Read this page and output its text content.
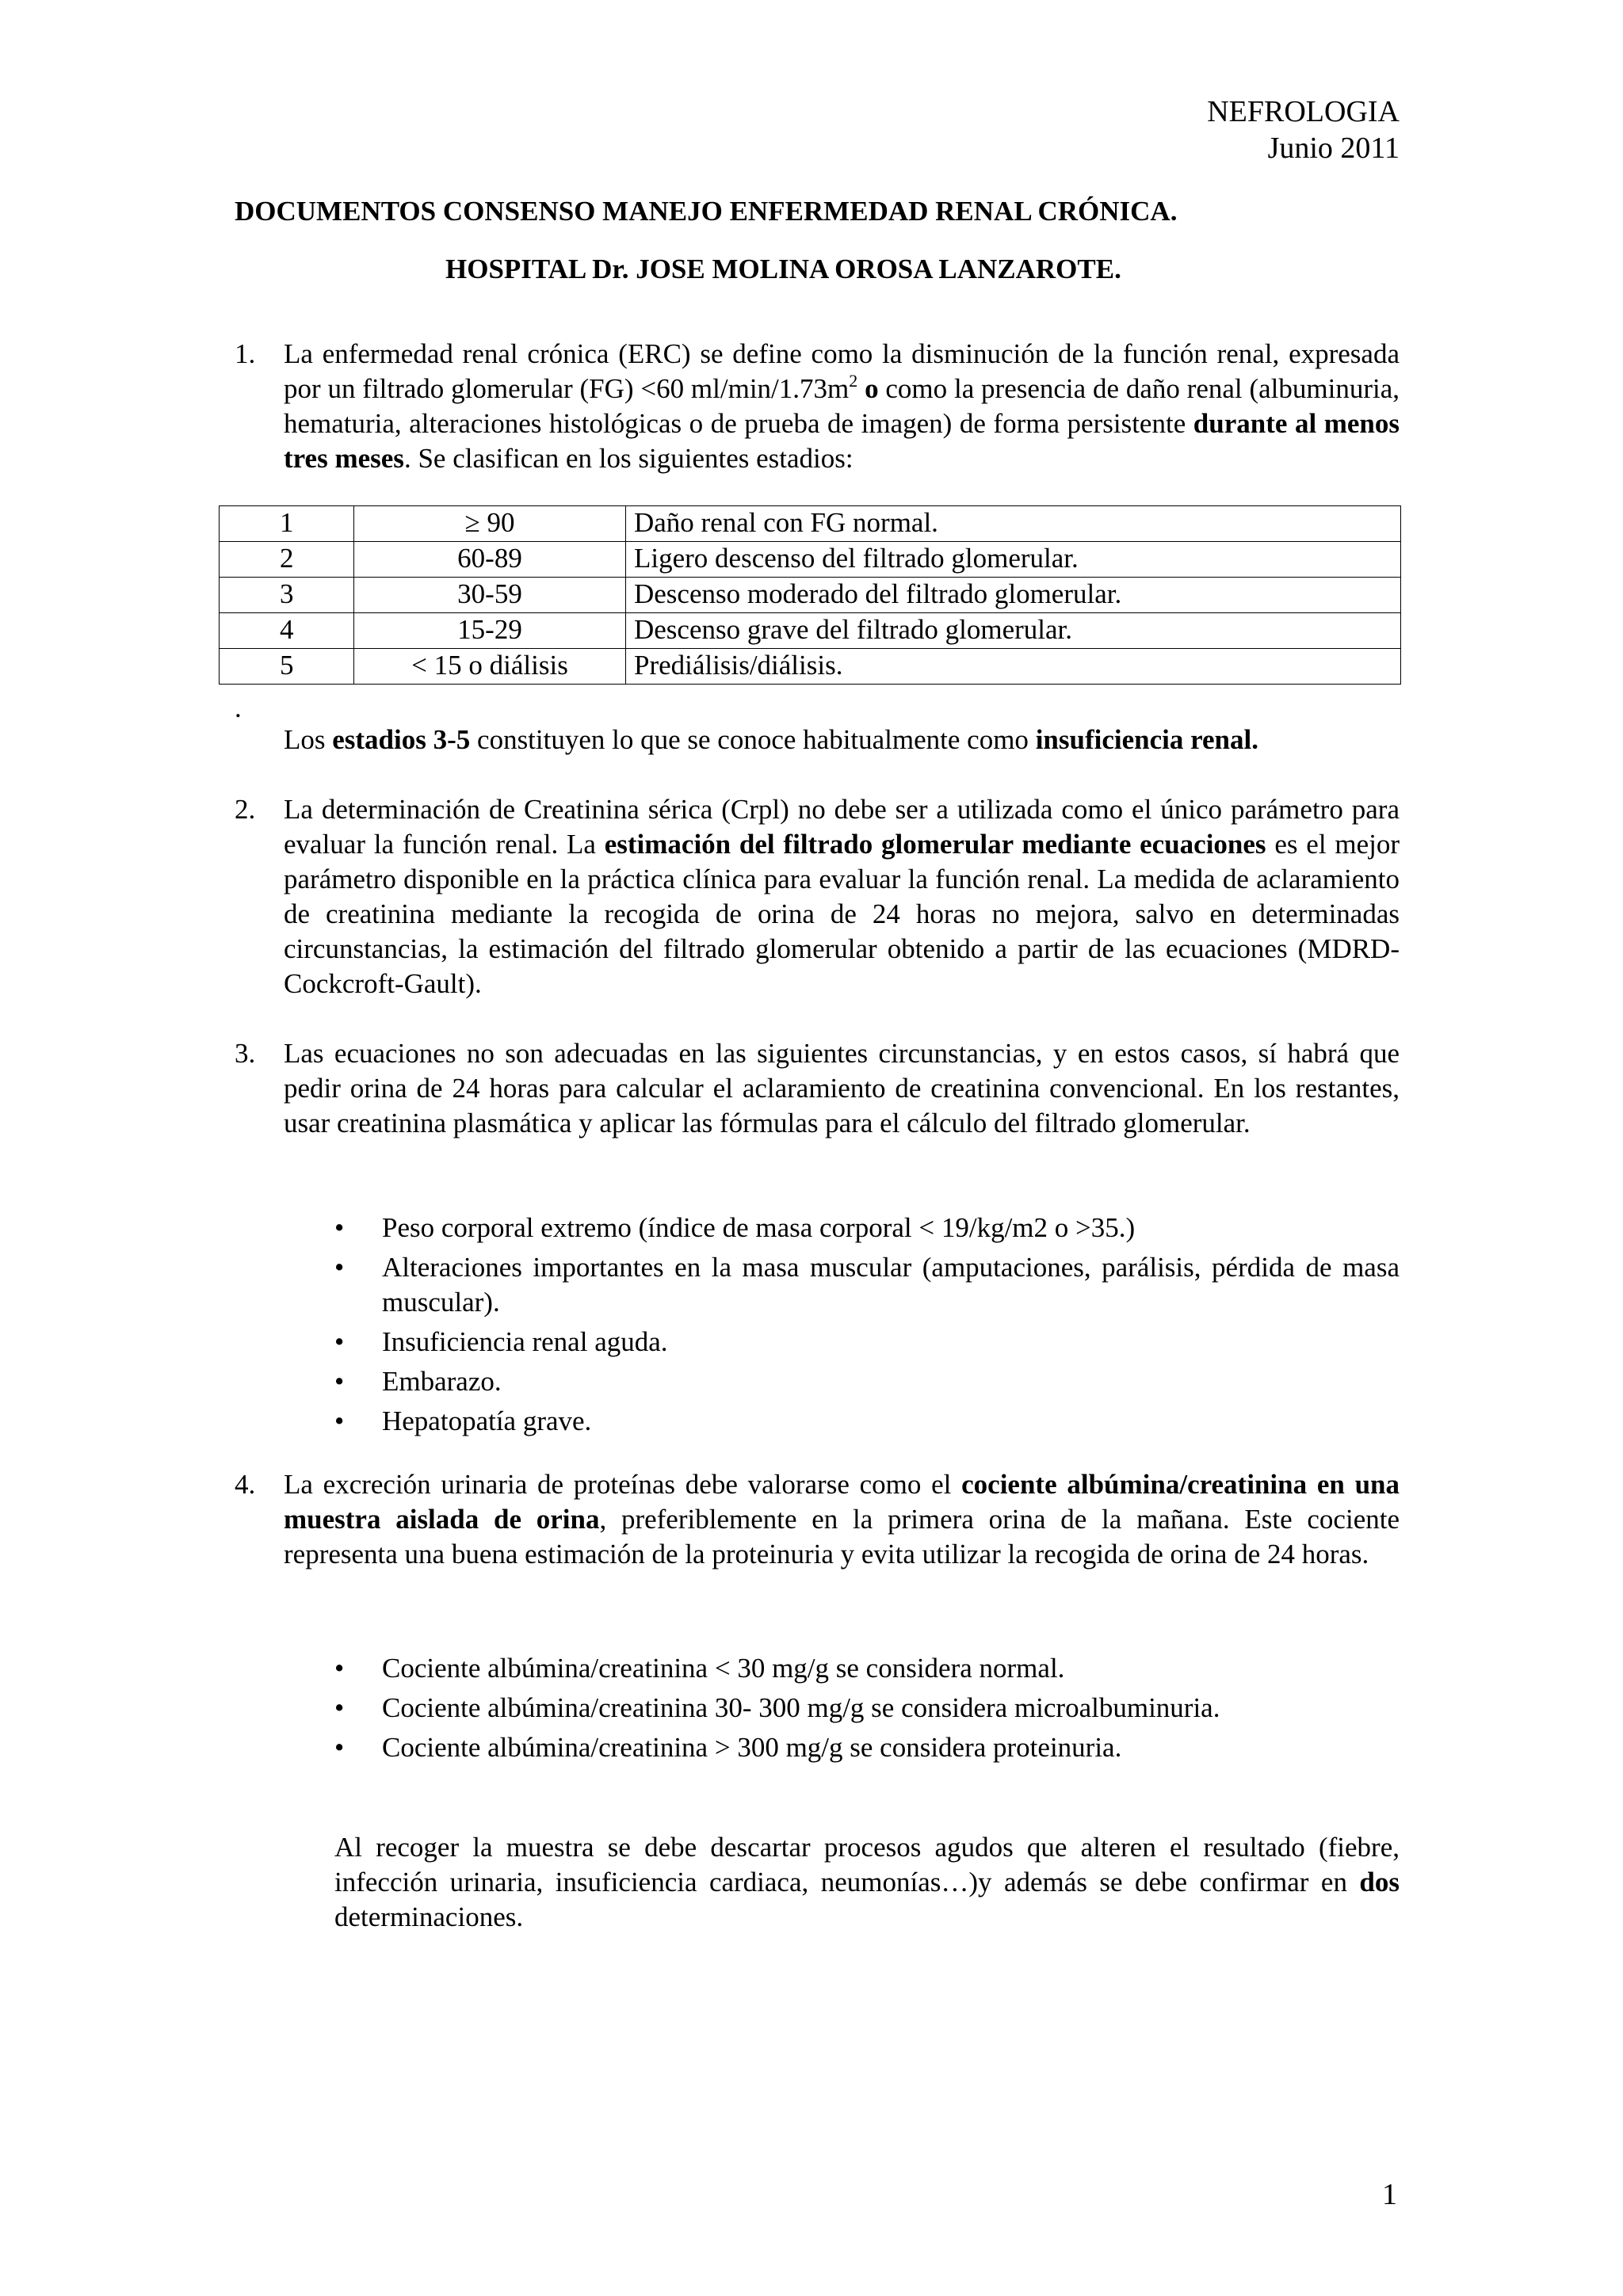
NEFROLOGIA
Junio 2011
DOCUMENTOS CONSENSO MANEJO ENFERMEDAD RENAL CRÓNICA.
HOSPITAL Dr. JOSE MOLINA OROSA LANZAROTE.
1. La enfermedad renal crónica (ERC) se define como la disminución de la función renal, expresada por un filtrado glomerular (FG) <60 $ml/\min/1.73m^2$ o como la presencia de daño renal (albuminuria, hematuria, alteraciones histológicas o de prueba de imagen) de forma persistente durante al menos tres meses. Se clasifican en los siguientes estadios:

1	≥ 90	Daño renal con FG normal.
2	60-89	Ligero descenso del filtrado glomerular.
3	30-59	Descenso moderado del filtrado glomerular.
4	15-29	Descenso grave del filtrado glomerular.
5	< 15 o diálisis	Prediálisis/diálisis.
.

Los estadios 3-5 constituyen lo que se conoce habitualmente como insuficiencia renal.

2. La determinación de Creatinina sérica (Crpl) no debe ser a utilizada como el único parámetro para evaluar la función renal. La estimación del filtrado glomerular mediante ecuaciones es el mejor parámetro disponible en la práctica clínica para evaluar la función renal. La medida de aclaramiento de creatinina mediante la recogida de orina de 24 horas no mejora, salvo en determinadas circunstancias, la estimación del filtrado glomerular obtenido a partir de las ecuaciones (MDRD-Cockcroft-Gault).

3. Las ecuaciones no son adecuadas en las siguientes circunstancias, y en estos casos, sí habrá que pedir orina de 24 horas para calcular el aclaramiento de creatinina convencional. En los restantes, usar creatinina plasmática y aplicar las fórmulas para el cálculo del filtrado glomerular.

• Peso corporal extremo (índice de masa corporal < 19/kg/m2 o >35.)
• Alteraciones importantes en la masa muscular (amputaciones, parálisis, pérdida de masa muscular).
• Insuficiencia renal aguda.
• Embarazo.
• Hepatopatía grave.
4. La excreción urinaria de proteínas debe valorarse como el cociente albúmina/creatinina en una muestra aislada de orina, preferiblemente en la primera orina de la mañana. Este cociente representa una buena estimación de la proteinuria y evita utilizar la recogida de orina de 24 horas.

• Cociente albúmina/creatinina < 30 mg/g se considera normal.
• Cociente albúmina/creatinina 30- 300 mg/g se considera microalbuminuria.
• Cociente albúmina/creatinina > 300 mg/g se considera proteinuria.
Al recoger la muestra se debe descartar procesos agudos que alteren el resultado (fiebre, infección urinaria, insuficiencia cardiaca, neumonías…)y además se debe confirmar en dos determinaciones.
1
